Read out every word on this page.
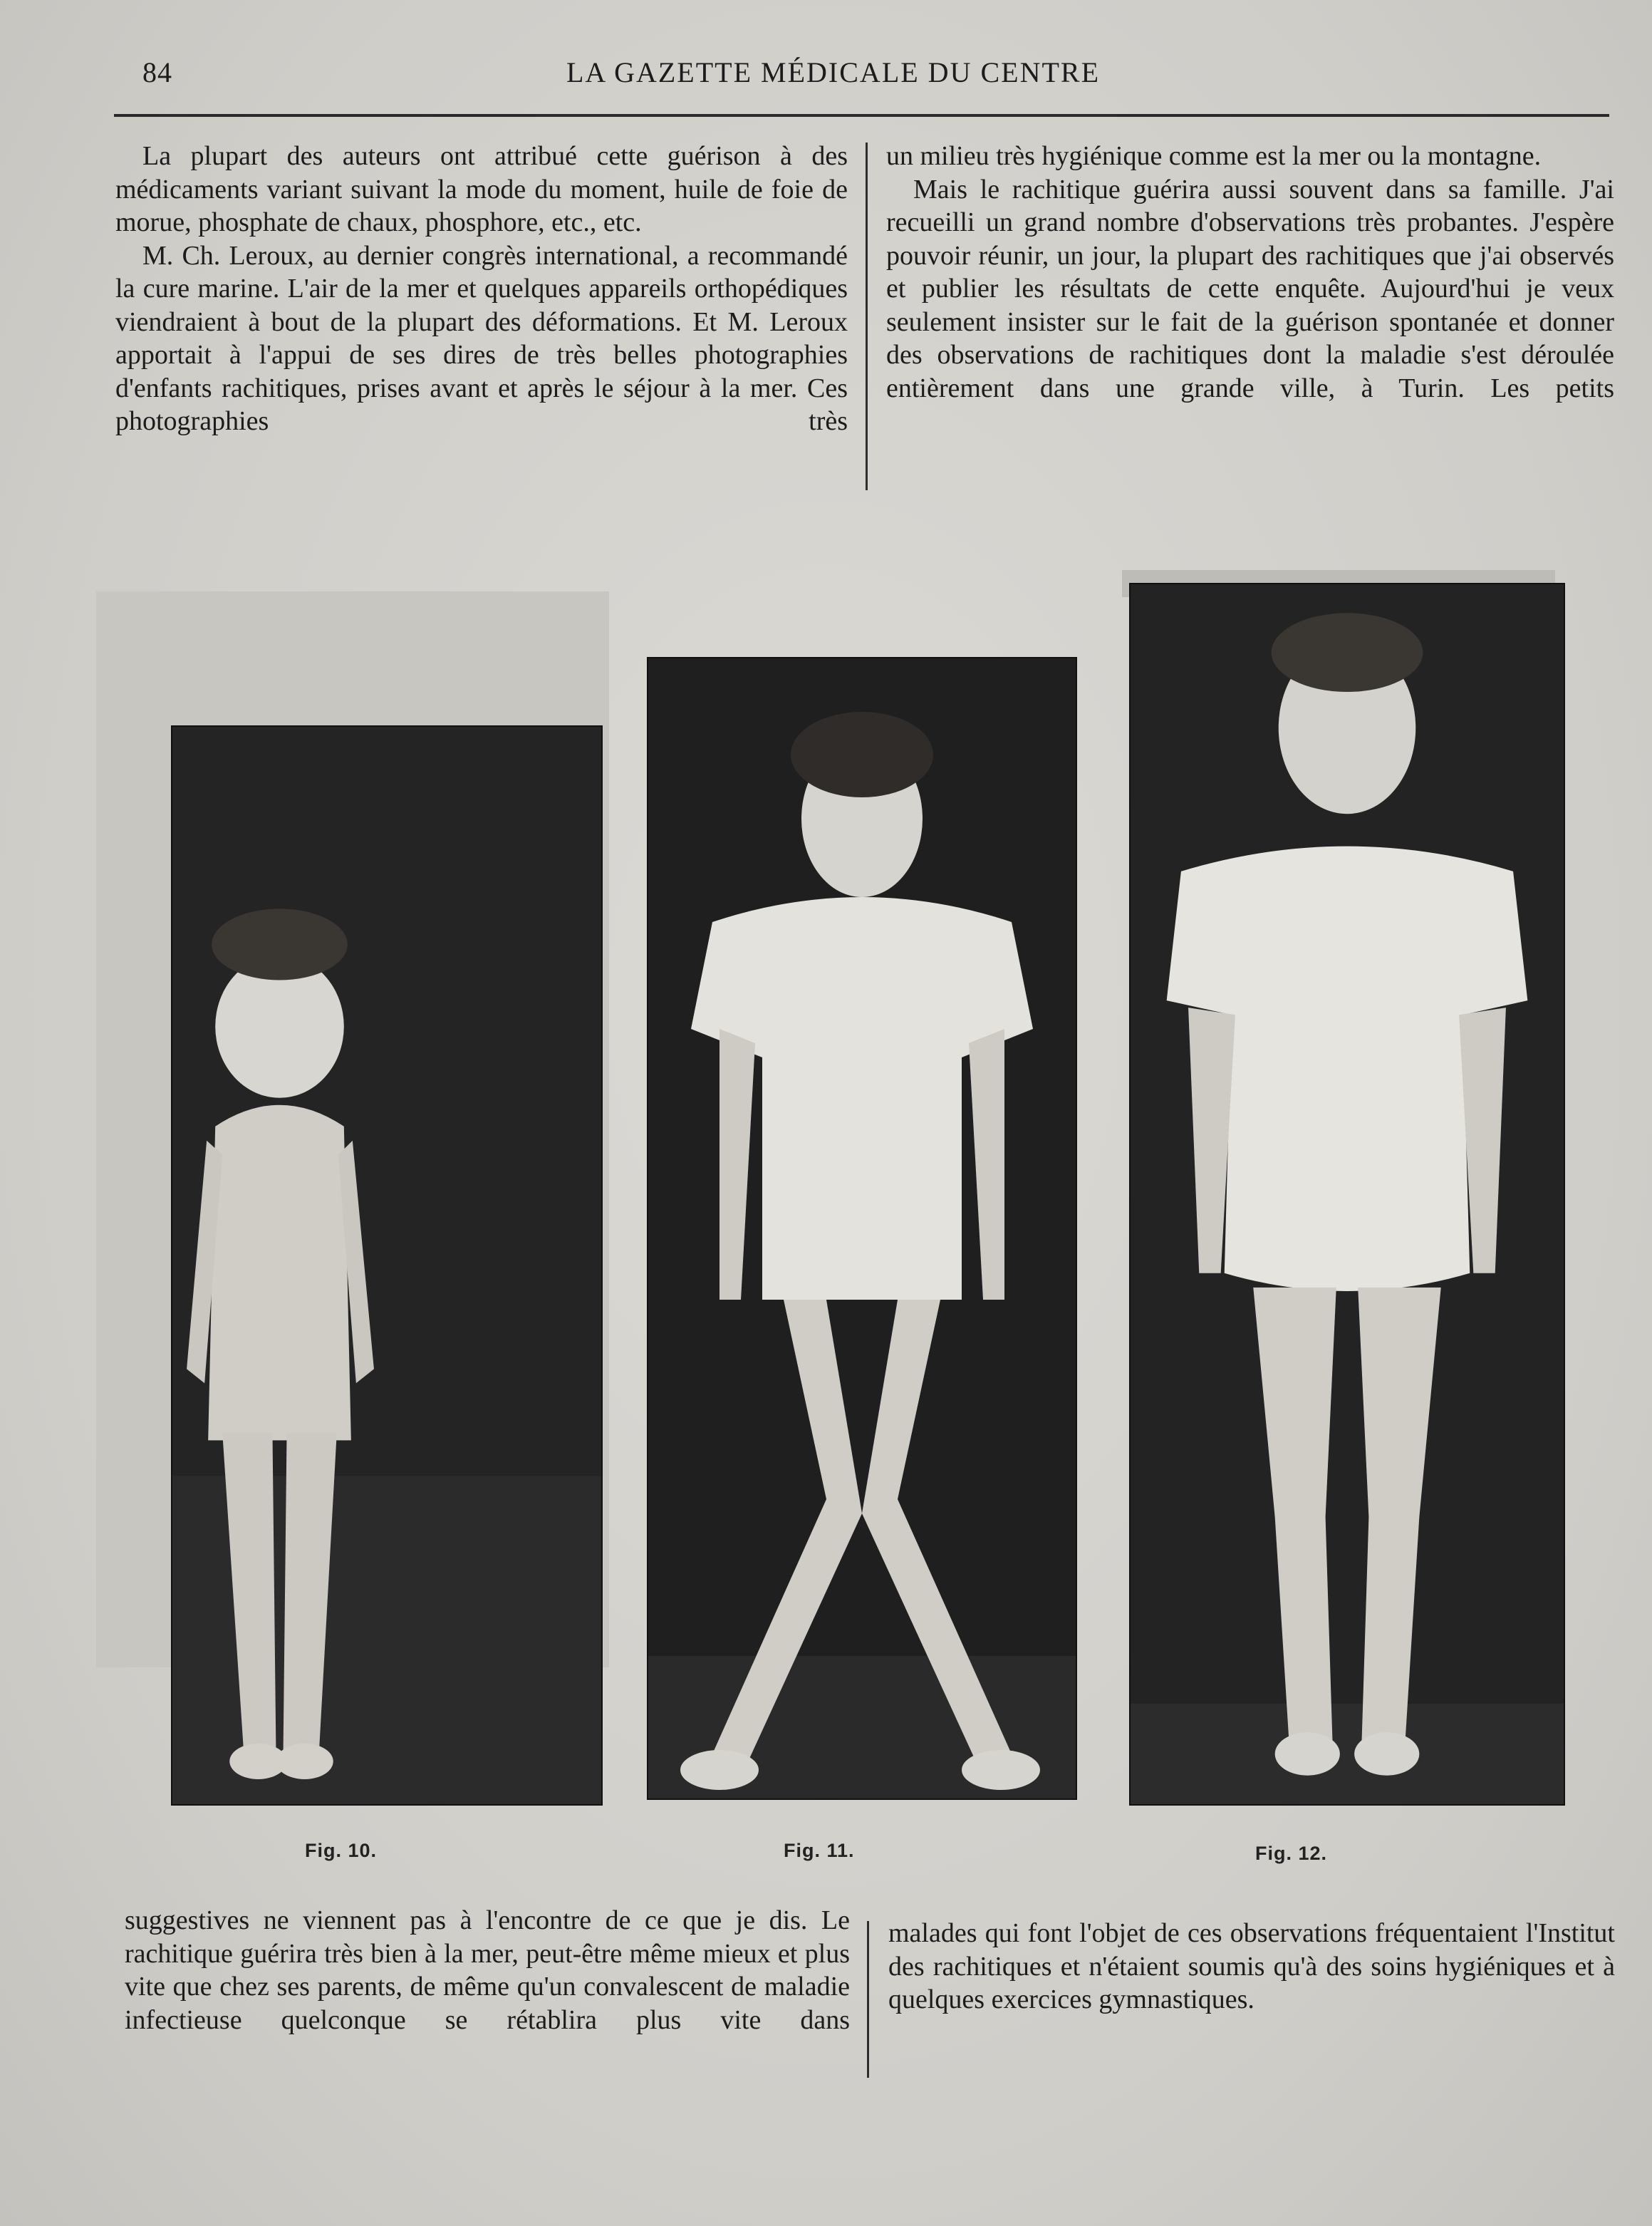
84	LA GAZETTE MÉDICALE DU CENTRE

La plupart des auteurs ont attribué cette guérison à des médicaments variant suivant la mode du moment, huile de foie de morue, phosphate de chaux, phosphore, etc., etc.

M. Ch. Leroux, au dernier congrès international, a recommandé la cure marine. L'air de la mer et quelques appareils orthopédiques viendraient à bout de la plupart des déformations. Et M. Leroux apportait à l'appui de ses dires de très belles photographies d'enfants rachitiques, prises avant et après le séjour à la mer. Ces photographies très

un milieu très hygiénique comme est la mer ou la montagne.

Mais le rachitique guérira aussi souvent dans sa famille. J'ai recueilli un grand nombre d'observations très probantes. J'espère pouvoir réunir, un jour, la plupart des rachitiques que j'ai observés et publier les résultats de cette enquête. Aujourd'hui je veux seulement insister sur le fait de la guérison spontanée et donner des observations de rachitiques dont la maladie s'est déroulée entièrement dans une grande ville, à Turin. Les petits

Fig. 10.	Fig. 11.	Fig. 12.

suggestives ne viennent pas à l'encontre de ce que je dis. Le rachitique guérira très bien à la mer, peut-être même mieux et plus vite que chez ses parents, de même qu'un convalescent de maladie infectieuse quelconque se rétablira plus vite dans

malades qui font l'objet de ces observations fréquentaient l'Institut des rachitiques et n'étaient soumis qu'à des soins hygiéniques et à quelques exercices gymnastiques.
